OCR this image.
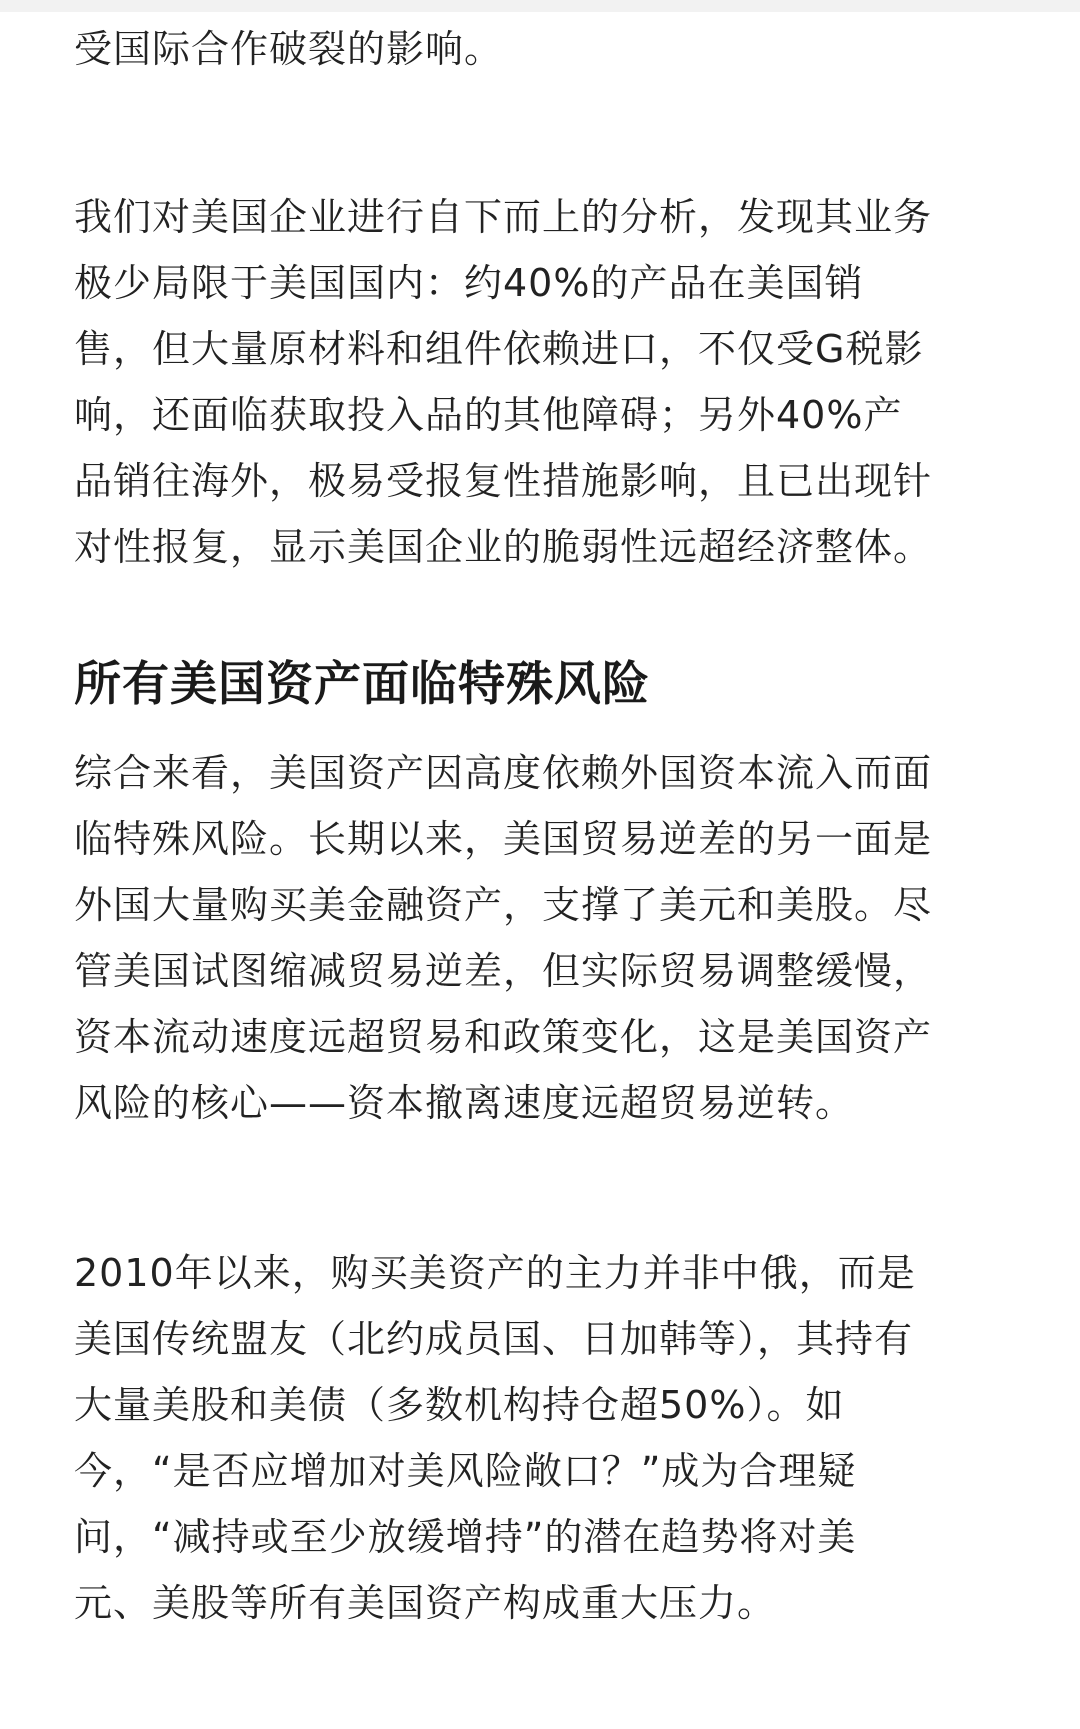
受国际合作破裂的影响。

我们对美国企业进行自下而上的分析，发现其业务
极少局限于美国国内：约40%的产品在美国销
售，但大量原材料和组件依赖进口，不仅受G税影
响，还面临获取投入品的其他障碍；另外40%产
品销往海外，极易受报复性措施影响，且已出现针
对性报复，显示美国企业的脆弱性远超经济整体。

所有美国资产面临特殊风险

综合来看，美国资产因高度依赖外国资本流入而面
临特殊风险。长期以来，美国贸易逆差的另一面是
外国大量购买美金融资产，支撑了美元和美股。尽
管美国试图缩减贸易逆差，但实际贸易调整缓慢，
资本流动速度远超贸易和政策变化，这是美国资产
风险的核心——资本撤离速度远超贸易逆转。

2010年以来，购买美资产的主力并非中俄，而是
美国传统盟友（北约成员国、日加韩等），其持有
大量美股和美债（多数机构持仓超50%）。如
今，“是否应增加对美风险敞口？”成为合理疑
问，“减持或至少放缓增持”的潜在趋势将对美
元、美股等所有美国资产构成重大压力。
